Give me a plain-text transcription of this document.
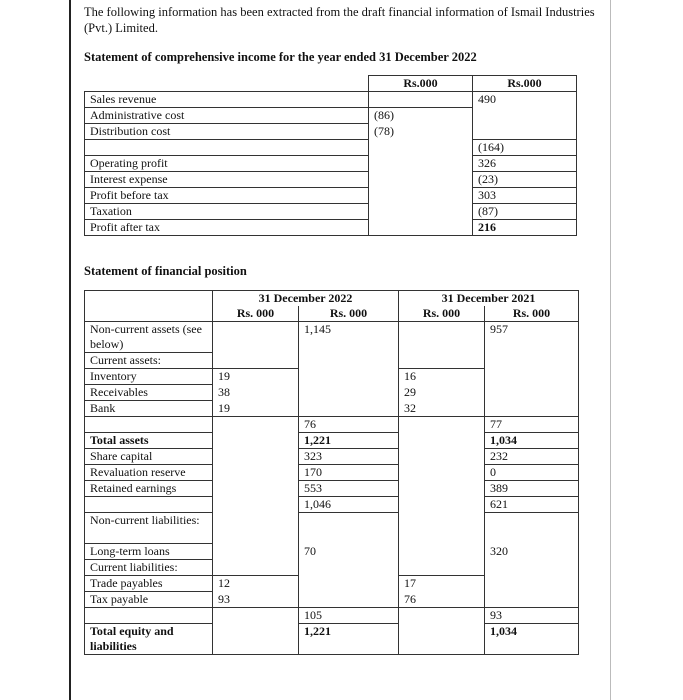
The following information has been extracted from the draft financial information of Ismail Industries (Pvt.) Limited.
Statement of comprehensive income for the year ended 31 December 2022
	Rs.000	Rs.000
Sales revenue		490
Administrative cost	(86)	
Distribution cost	(78)	
		(164)
Operating profit		326
Interest expense		(23)
Profit before tax		303
Taxation		(87)
Profit after tax		216
Statement of financial position
	31 December 2022		31 December 2021	
	Rs. 000	Rs. 000	Rs. 000	Rs. 000
Non-current assets (see below)		1,145		957
Current assets:				
Inventory	19		16	
Receivables	38		29	
Bank	19		32	
		76		77
Total assets		1,221		1,034
Share capital		323		232
Revaluation reserve		170		0
Retained earnings		553		389
		1,046		621
Non-current liabilities:				
Long-term loans		70		320
Current liabilities:				
Trade payables	12		17	
Tax payable	93		76	
		105		93
Total equity and liabilities		1,221		1,034
